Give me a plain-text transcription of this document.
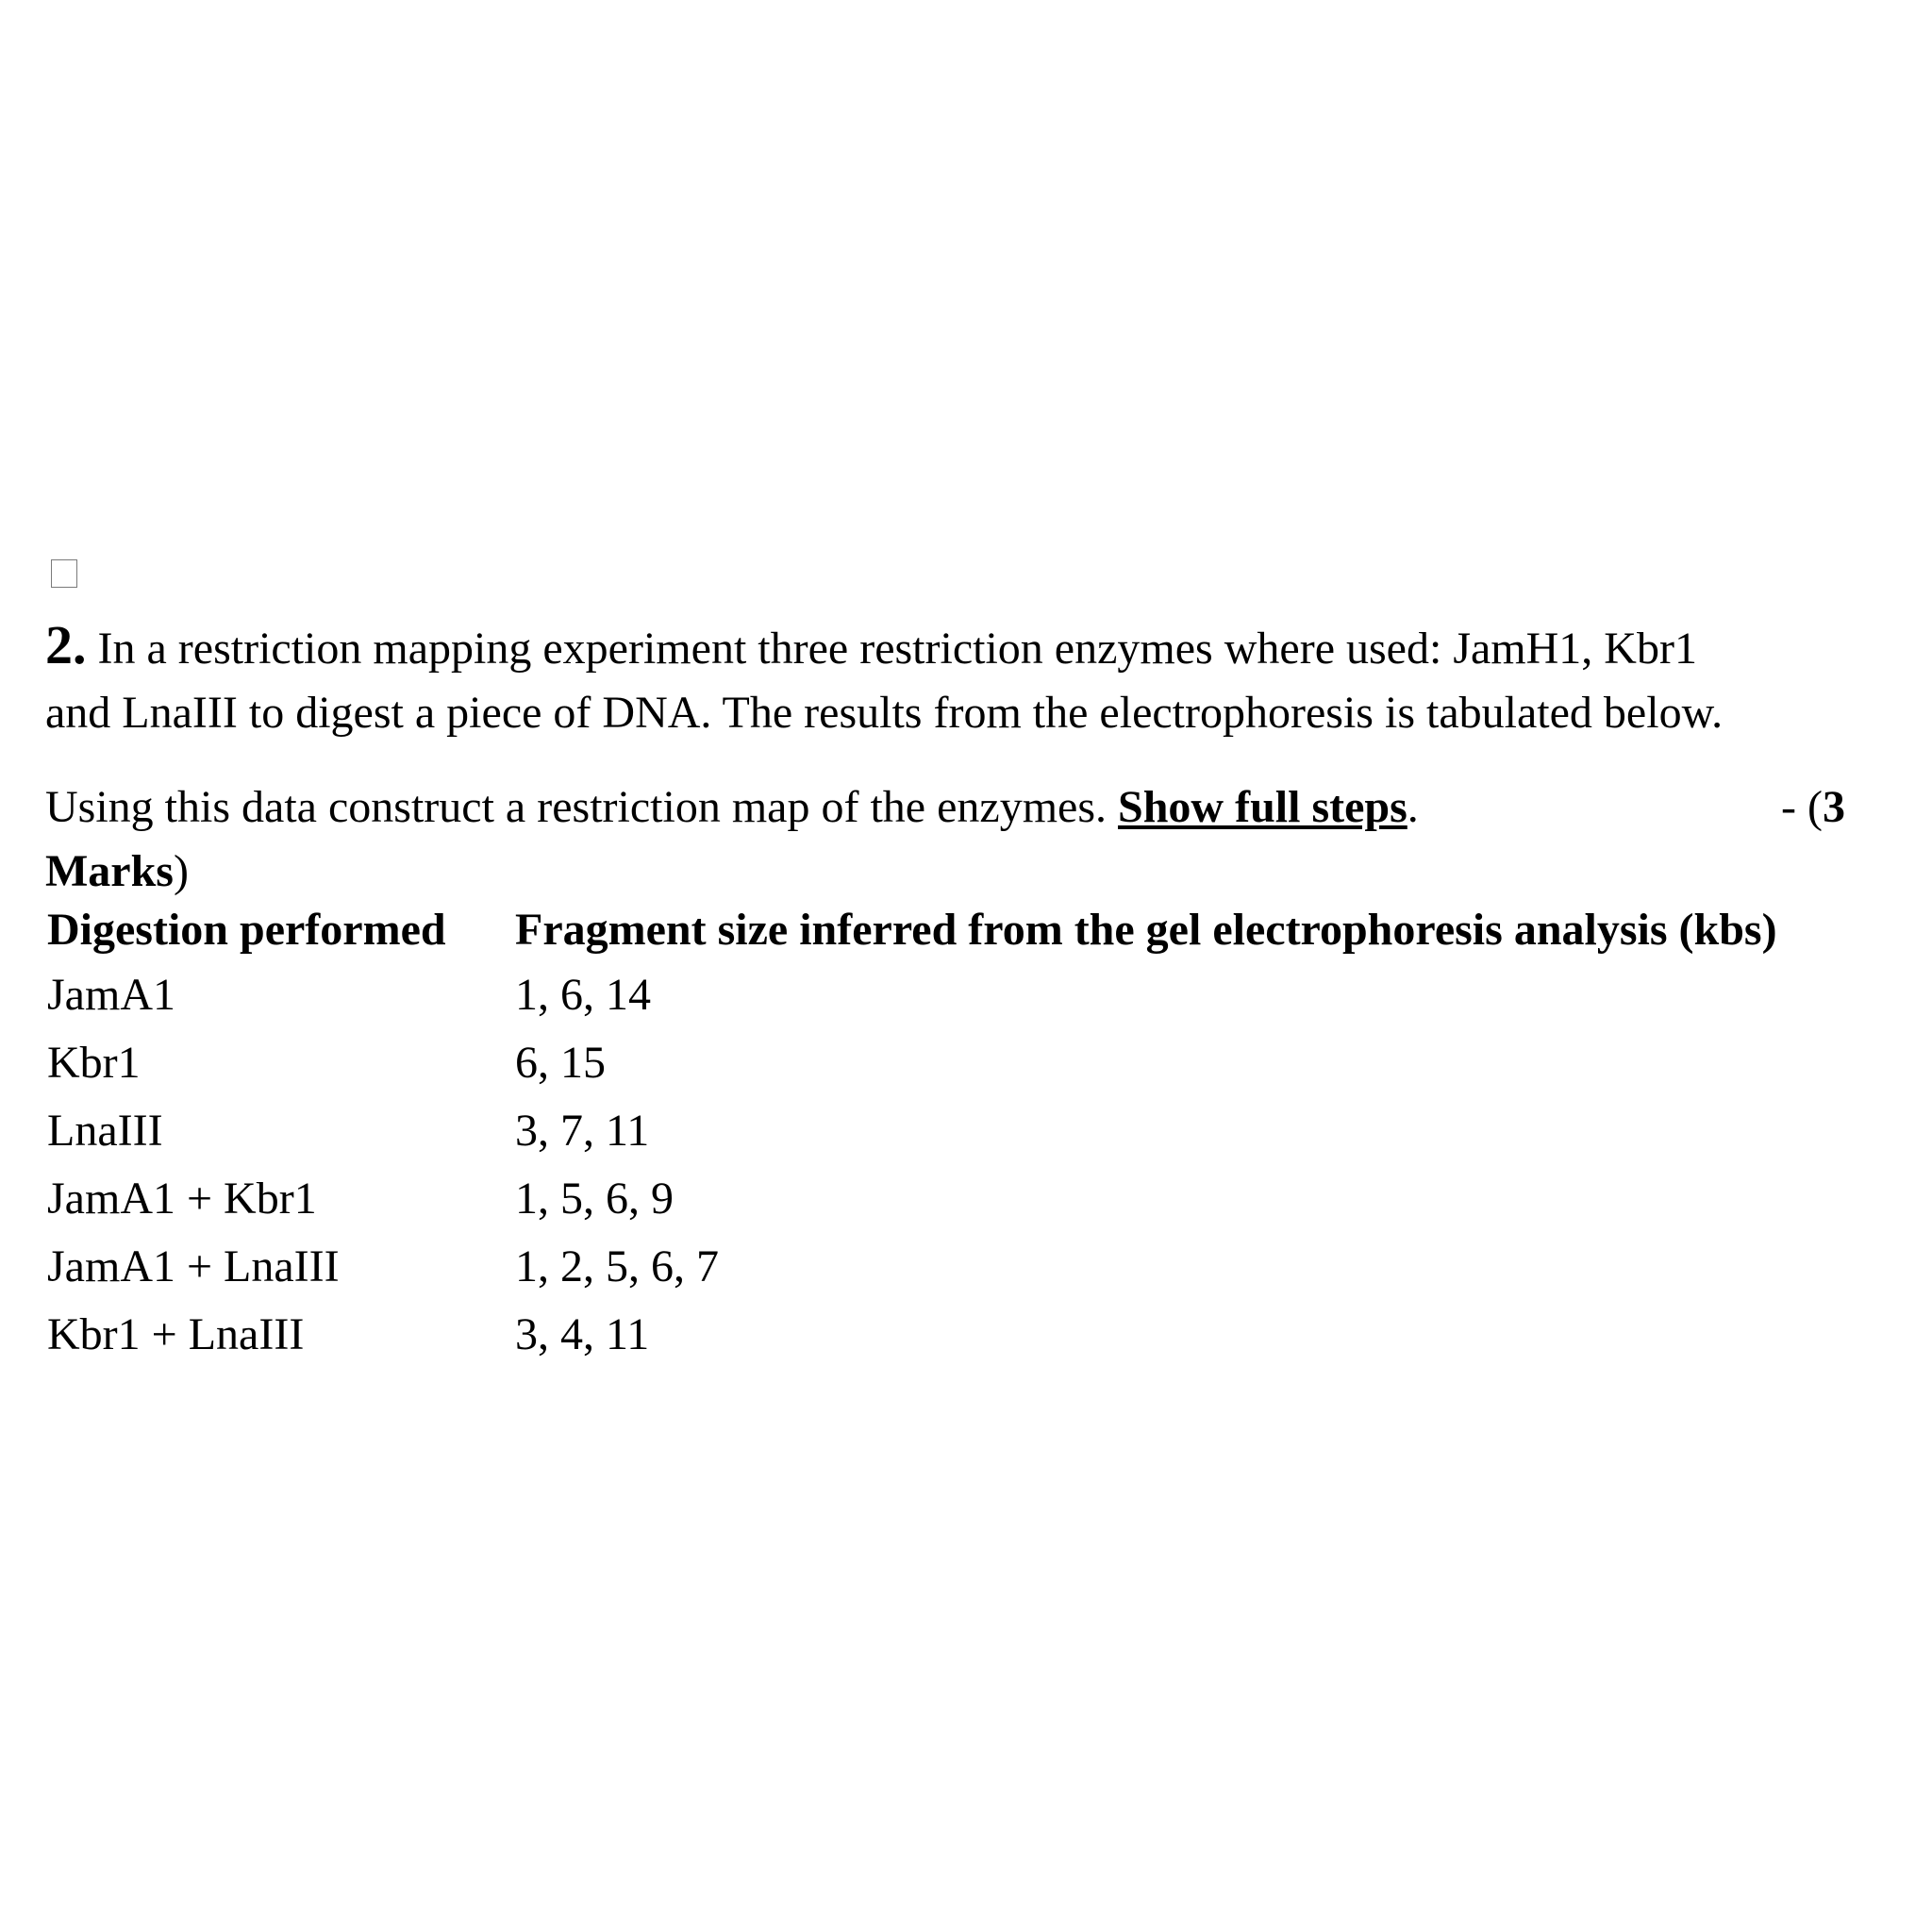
2. In a restriction mapping experiment three restriction enzymes where used: JamH1, Kbr1
and LnaIII to digest a piece of DNA. The results from the electrophoresis is tabulated below.
Using this data construct a restriction map of the enzymes. Show full steps.	- (3
Marks)
Digestion performed	Fragment size inferred from the gel electrophoresis analysis (kbs)
JamA1	1, 6, 14
Kbr1	6, 15
LnaIII	3, 7, 11
JamA1 + Kbr1	1, 5, 6, 9
JamA1 + LnaIII	1, 2, 5, 6, 7
Kbr1 + LnaIII	3, 4, 11
